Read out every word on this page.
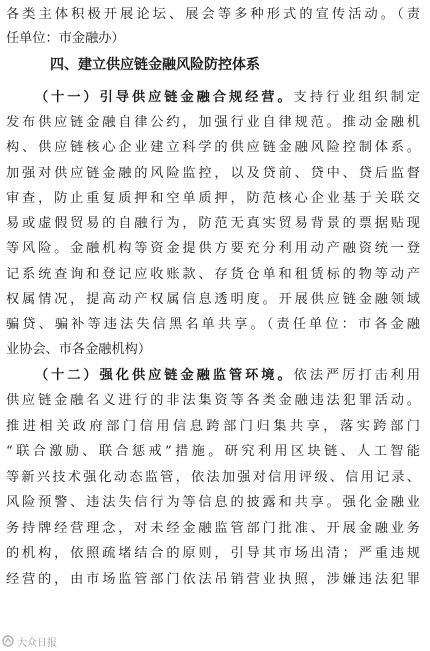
各类主体积极开展论坛、展会等多种形式的宣传活动。（责
任单位：市金融办）
四、建立供应链金融风险防控体系
（十一）引导供应链金融合规经营。支持行业组织制定
发布供应链金融自律公约，加强行业自律规范。推动金融机
构、供应链核心企业建立科学的供应链金融风险控制体系。
加强对供应链金融的风险监控，以及贷前、贷中、贷后监督
审查，防止重复质押和空单质押，防范核心企业基于关联交
易或虚假贸易的自融行为，防范无真实贸易背景的票据贴现
等风险。金融机构等资金提供方要充分利用动产融资统一登
记系统查询和登记应收账款、存货仓单和租赁标的物等动产
权属情况，提高动产权属信息透明度。开展供应链金融领域
骗贷、骗补等违法失信黑名单共享。（责任单位：市各金融
业协会、市各金融机构）
（十二）强化供应链金融监管环境。依法严厉打击利用
供应链金融名义进行的非法集资等各类金融违法犯罪活动。
推进相关政府部门信用信息跨部门归集共享，落实跨部门
“联合激励、联合惩戒”措施。研究利用区块链、人工智能
等新兴技术强化动态监管，依法加强对信用评级、信用记录、
风险预警、违法失信行为等信息的披露和共享。强化金融业
务持牌经营理念，对未经金融监管部门批准、开展金融业务
的机构，依照疏堵结合的原则，引导其市场出清；严重违规
经营的，由市场监管部门依法吊销营业执照，涉嫌违法犯罪
大众日报
